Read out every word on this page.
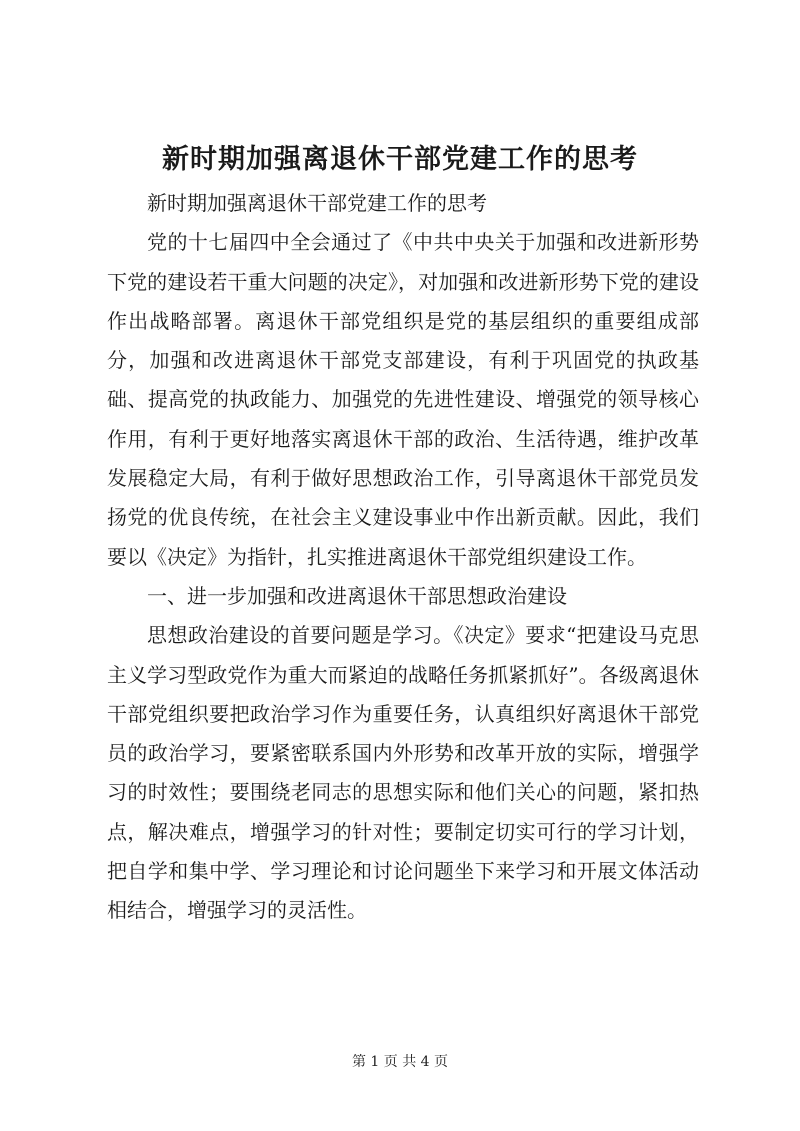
新时期加强离退休干部党建工作的思考

新时期加强离退休干部党建工作的思考

党的十七届四中全会通过了《中共中央关于加强和改进新形势下党的建设若干重大问题的决定》，对加强和改进新形势下党的建设作出战略部署。离退休干部党组织是党的基层组织的重要组成部分，加强和改进离退休干部党支部建设，有利于巩固党的执政基础、提高党的执政能力、加强党的先进性建设、增强党的领导核心作用，有利于更好地落实离退休干部的政治、生活待遇，维护改革发展稳定大局，有利于做好思想政治工作，引导离退休干部党员发扬党的优良传统，在社会主义建设事业中作出新贡献。因此，我们要以《决定》为指针，扎实推进离退休干部党组织建设工作。

一、进一步加强和改进离退休干部思想政治建设

思想政治建设的首要问题是学习。《决定》要求“把建设马克思主义学习型政党作为重大而紧迫的战略任务抓紧抓好”。各级离退休干部党组织要把政治学习作为重要任务，认真组织好离退休干部党员的政治学习，要紧密联系国内外形势和改革开放的实际，增强学习的时效性；要围绕老同志的思想实际和他们关心的问题，紧扣热点，解决难点，增强学习的针对性；要制定切实可行的学习计划，把自学和集中学、学习理论和讨论问题坐下来学习和开展文体活动相结合，增强学习的灵活性。

第 1 页 共 4 页
